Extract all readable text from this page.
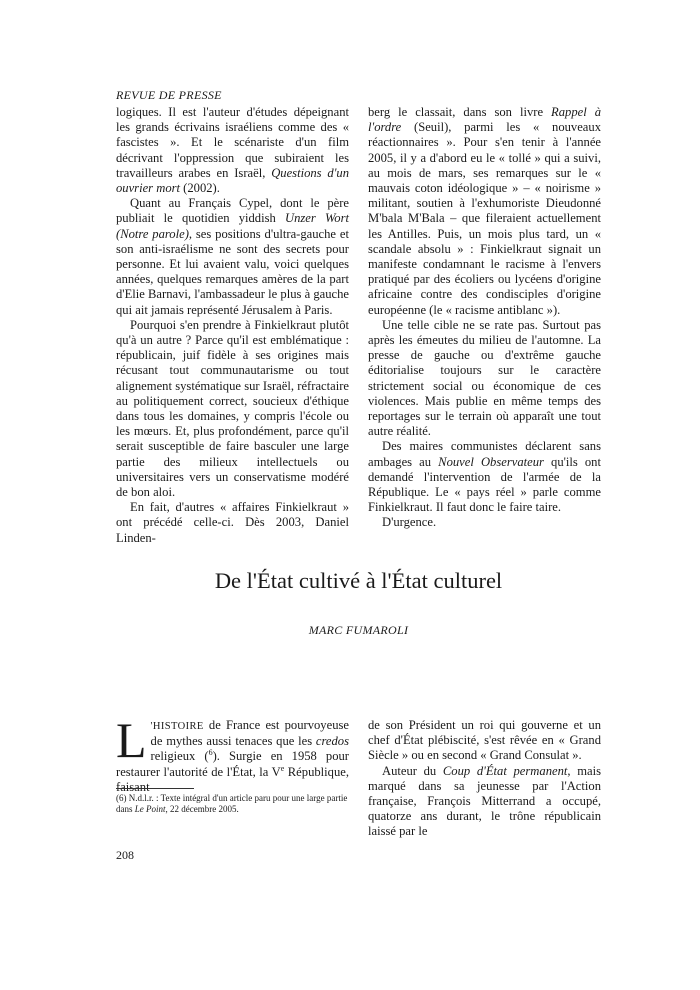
REVUE DE PRESSE

logiques. Il est l'auteur d'études dépeignant les grands écrivains israéliens comme des « fascistes ». Et le scénariste d'un film décrivant l'oppression que subiraient les travailleurs arabes en Israël, Questions d'un ouvrier mort (2002).

Quant au Français Cypel, dont le père publiait le quotidien yiddish Unzer Wort (Notre parole), ses positions d'ultra-gauche et son anti-israélisme ne sont des secrets pour personne. Et lui avaient valu, voici quelques années, quelques remarques amères de la part d'Elie Barnavi, l'ambassadeur le plus à gauche qui ait jamais représenté Jérusalem à Paris.

Pourquoi s'en prendre à Finkielkraut plutôt qu'à un autre ? Parce qu'il est emblématique : républicain, juif fidèle à ses origines mais récusant tout communautarisme ou tout alignement systématique sur Israël, réfractaire au politiquement correct, soucieux d'éthique dans tous les domaines, y compris l'école ou les mœurs. Et, plus profondément, parce qu'il serait susceptible de faire basculer une large partie des milieux intellectuels ou universitaires vers un conservatisme modéré de bon aloi.

En fait, d'autres « affaires Finkielkraut » ont précédé celle-ci. Dès 2003, Daniel Linden-

berg le classait, dans son livre Rappel à l'ordre (Seuil), parmi les « nouveaux réactionnaires ». Pour s'en tenir à l'année 2005, il y a d'abord eu le « tollé » qui a suivi, au mois de mars, ses remarques sur le « mauvais coton idéologique » – « noirisme » militant, soutien à l'exhumoriste Dieudonné M'bala M'Bala – que fileraient actuellement les Antilles. Puis, un mois plus tard, un « scandale absolu » : Finkielkraut signait un manifeste condamnant le racisme à l'envers pratiqué par des écoliers ou lycéens d'origine africaine contre des condisciples d'origine européenne (le « racisme antiblanc »).

Une telle cible ne se rate pas. Surtout pas après les émeutes du milieu de l'automne. La presse de gauche ou d'extrême gauche éditorialise toujours sur le caractère strictement social ou économique de ces violences. Mais publie en même temps des reportages sur le terrain où apparaît une tout autre réalité.

Des maires communistes déclarent sans ambages au Nouvel Observateur qu'ils ont demandé l'intervention de l'armée de la République. Le « pays réel » parle comme Finkielkraut. Il faut donc le faire taire.

D'urgence.

De l'État cultivé à l'État culturel
MARC FUMAROLI

L 'HISTOIRE de France est pourvoyeuse de mythes aussi tenaces que les credos religieux ($^6$). Surgie en 1958 pour restaurer l'autorité de l'État, la Ve République, faisant

de son Président un roi qui gouverne et un chef d'État plébiscité, s'est rêvée en « Grand Siècle » ou en second « Grand Consulat ».

Auteur du Coup d'État permanent, mais marqué dans sa jeunesse par l'Action française, François Mitterrand a occupé, quatorze ans durant, le trône républicain laissé par le

(6) N.d.l.r. : Texte intégral d'un article paru pour une large partie dans Le Point, 22 décembre 2005.
208
